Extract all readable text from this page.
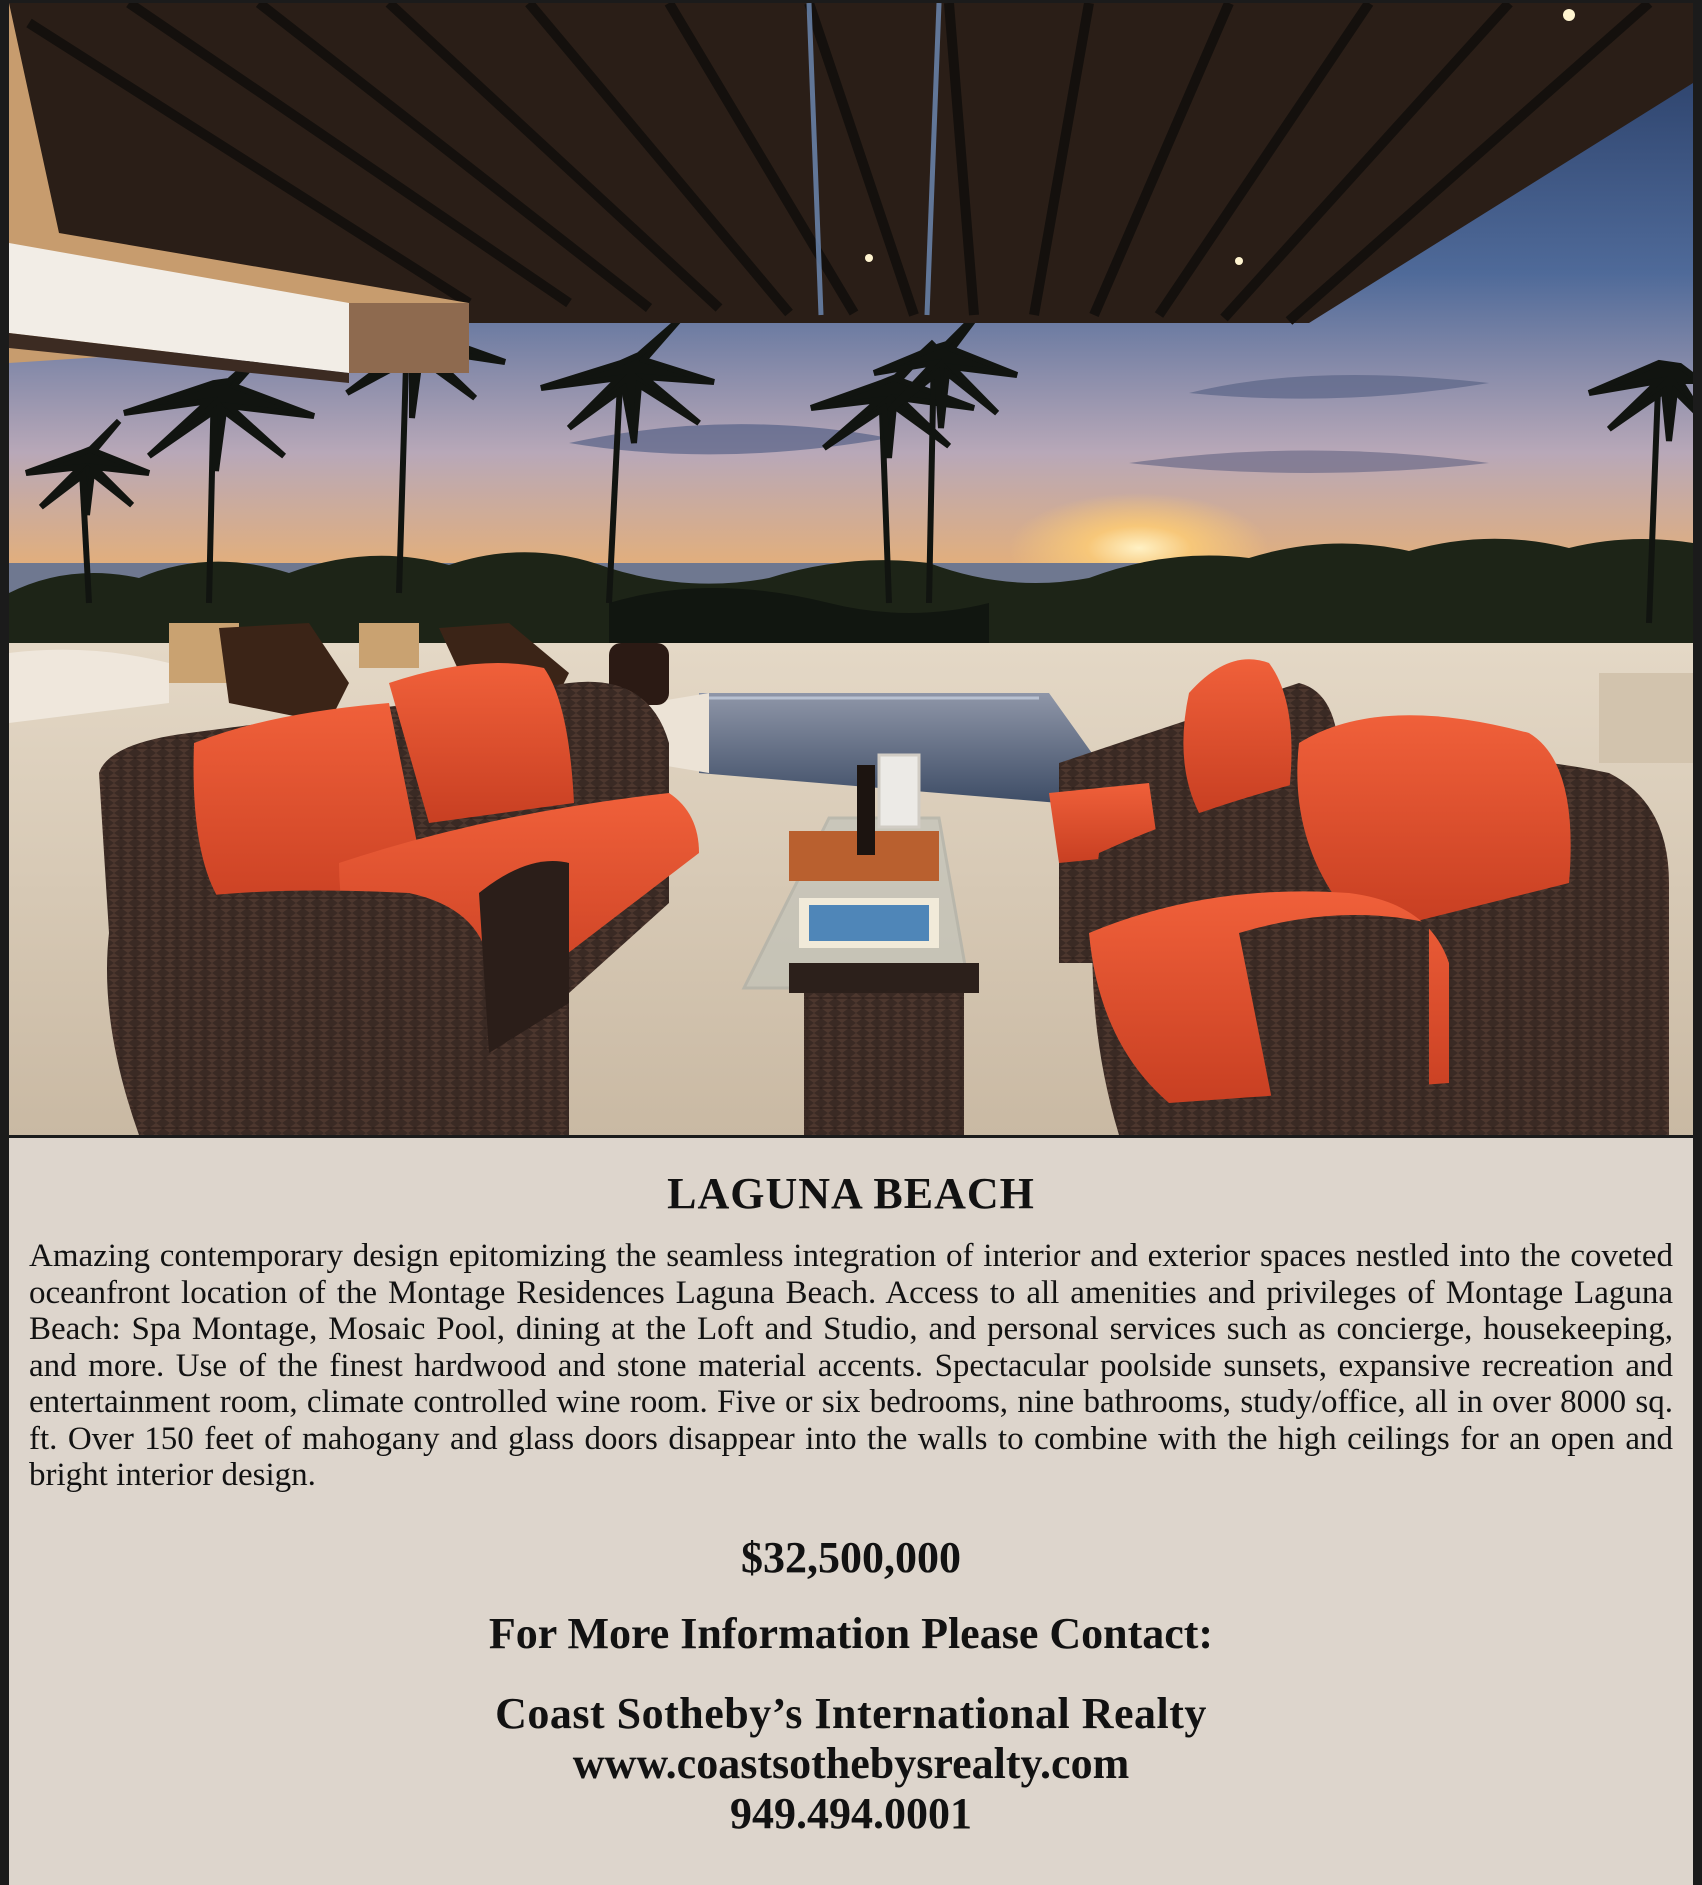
LAGUNA BEACH
Amazing contemporary design epitomizing the seamless integration of interior and exterior spaces nestled into the coveted oceanfront location of the Montage Residences Laguna Beach. Access to all amenities and privileges of Montage Laguna Beach: Spa Montage, Mosaic Pool, dining at the Loft and Studio, and personal services such as concierge, housekeeping, and more. Use of the finest hardwood and stone material accents. Spectacular poolside sunsets, expansive recreation and entertainment room, climate controlled wine room. Five or six bedrooms, nine bathrooms, study/office, all in over 8000 sq. ft. Over 150 feet of mahogany and glass doors disappear into the walls to combine with the high ceilings for an open and bright interior design.
$32,500,000
For More Information Please Contact:
Coast Sotheby’s International Realty
www.coastsothebysrealty.com
949.494.0001
